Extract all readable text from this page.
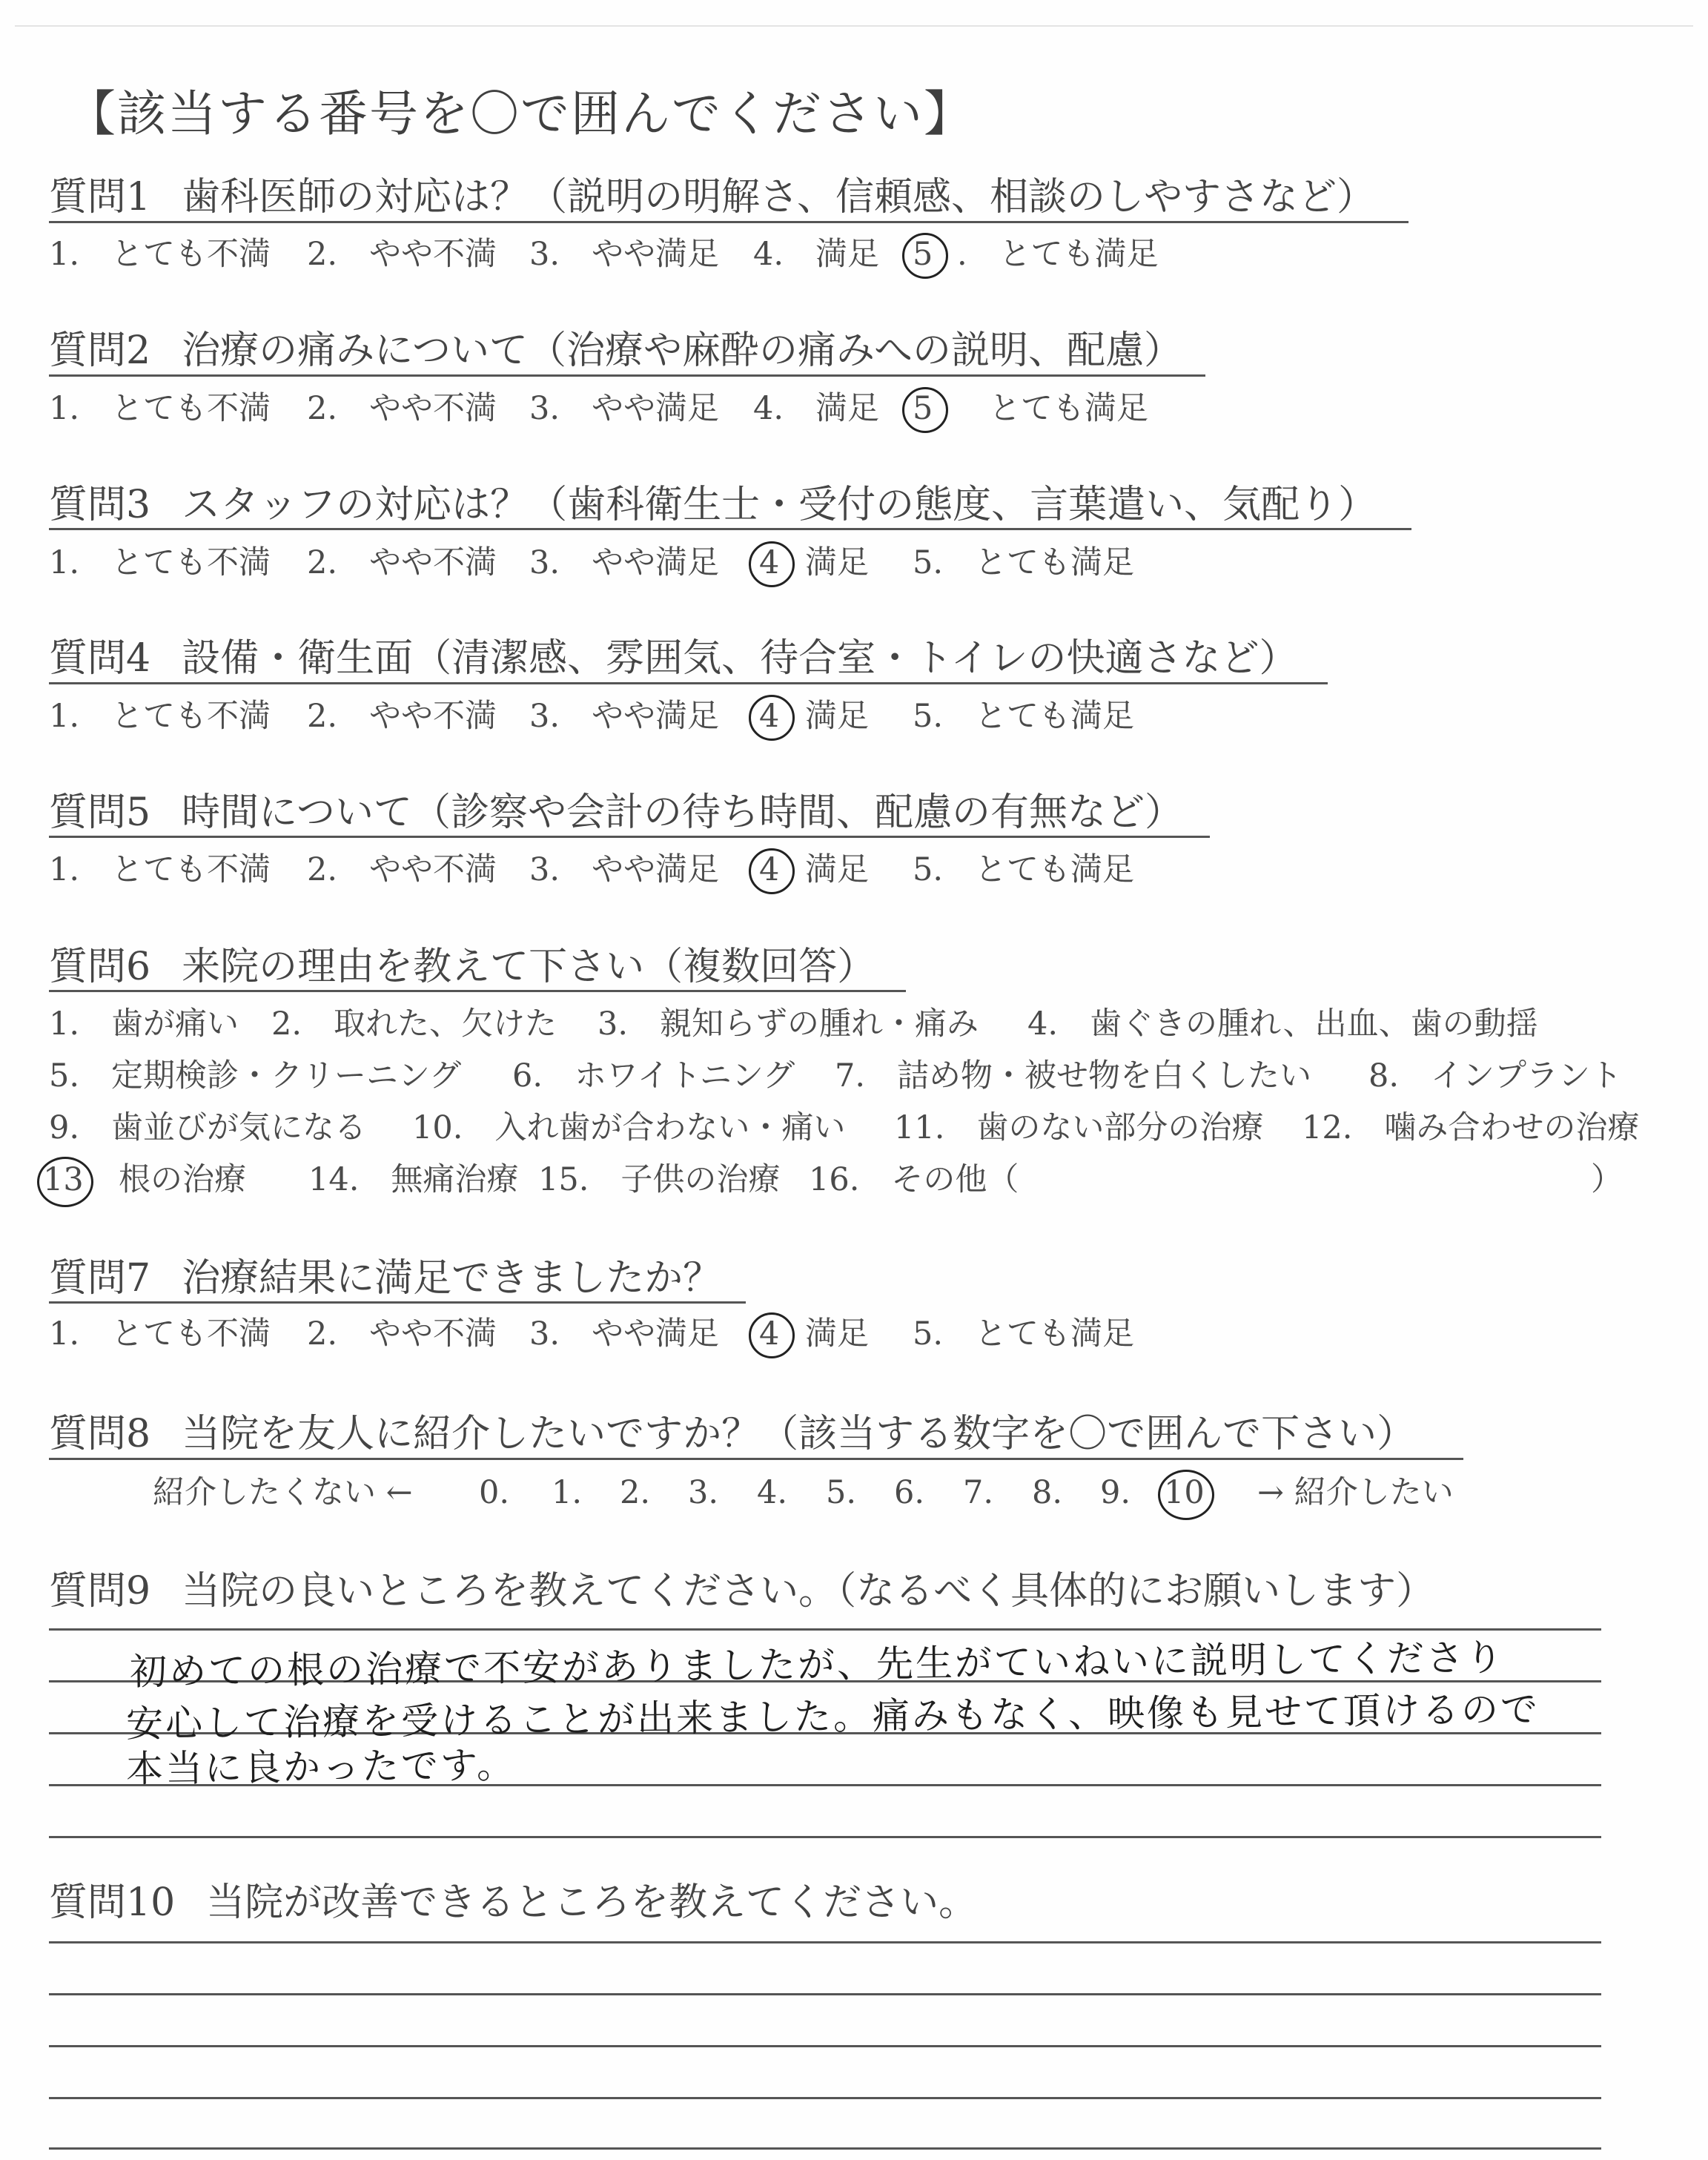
【該当する番号を〇で囲んでください】
質問1 歯科医師の対応は？（説明の明解さ、信頼感、相談のしやすさなど）
1.　とても不満 2.　やや不満 3.　やや満足 4.　満足 5 .　とても満足
質問2 治療の痛みについて（治療や麻酔の痛みへの説明、配慮）
1.　とても不満 2.　やや不満 3.　やや満足 4.　満足 5 　とても満足
質問3 スタッフの対応は？（歯科衛生士・受付の態度、言葉遣い、気配り）
1.　とても不満 2.　やや不満 3.　やや満足 4 満足 5.　とても満足
質問4 設備・衛生面（清潔感、雰囲気、待合室・トイレの快適さなど）
1.　とても不満 2.　やや不満 3.　やや満足 4 満足 5.　とても満足
質問5 時間について（診察や会計の待ち時間、配慮の有無など）
1.　とても不満 2.　やや不満 3.　やや満足 4 満足 5.　とても満足
質問6 来院の理由を教えて下さい（複数回答）
1.　歯が痛い 2.　取れた、欠けた 3.　親知らずの腫れ・痛み 4.　歯ぐきの腫れ、出血、歯の動揺
5.　定期検診・クリーニング 6.　ホワイトニング 7.　詰め物・被せ物を白くしたい 8.　インプラント
9.　歯並びが気になる 10.　入れ歯が合わない・痛い 11.　歯のない部分の治療 12.　噛み合わせの治療
13 根の治療 14.　無痛治療 15.　子供の治療 16.　その他（	）
質問7 治療結果に満足できましたか？
1.　とても不満 2.　やや不満 3.　やや満足 4 満足 5.　とても満足
質問8 当院を友人に紹介したいですか？（該当する数字を〇で囲んで下さい）
紹介したくない ← 0. 1. 2. 3. 4. 5. 6. 7. 8. 9. 10 → 紹介したい
質問9 当院の良いところを教えてください。（なるべく具体的にお願いします）
初めての根の治療で不安がありましたが、先生がていねいに説明してくださり
安心して治療を受けることが出来ました。痛みもなく、映像も見せて頂けるので
本当に良かったです。
質問10 当院が改善できるところを教えてください。
